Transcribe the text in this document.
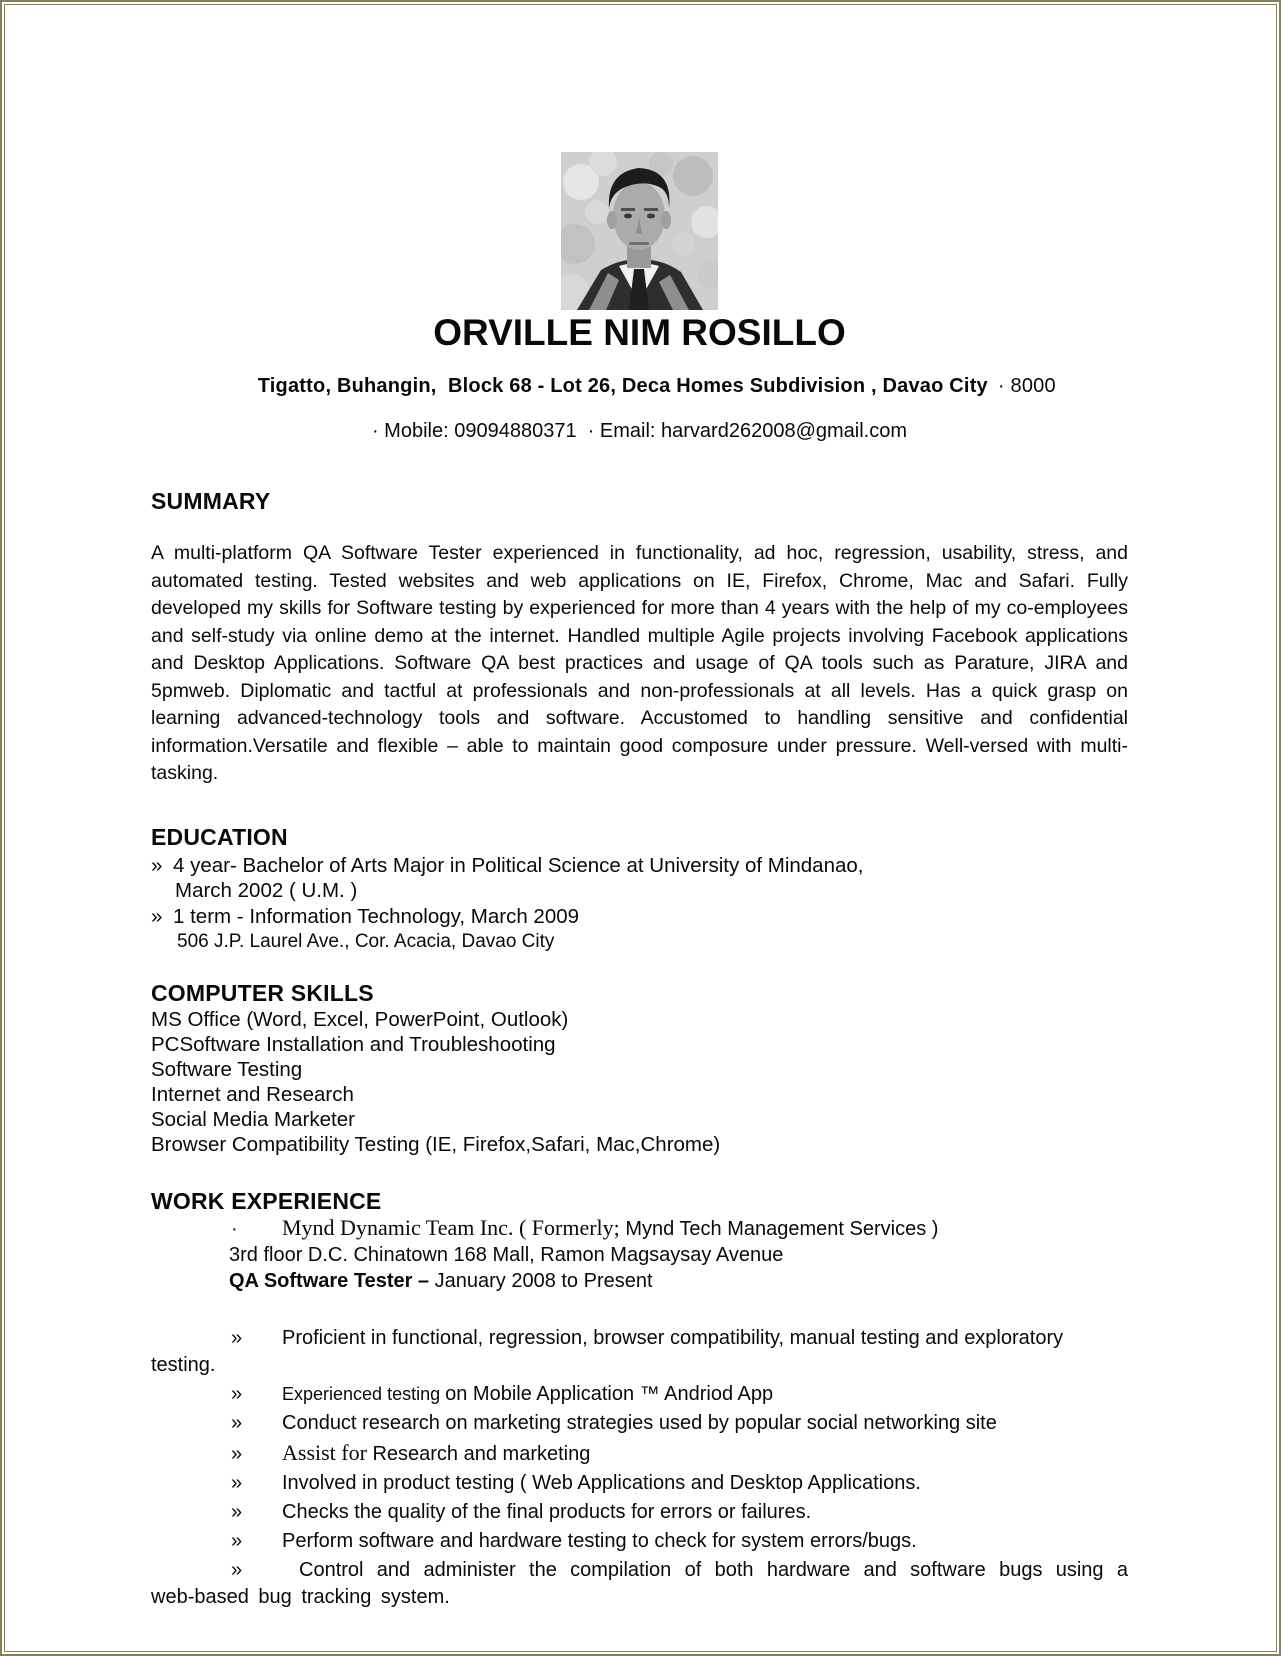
ORVILLE NIM ROSILLO

Tigatto, Buhangin,  Block 68 - Lot 26, Deca Homes Subdivision , Davao City · 8000

· Mobile: 09094880371  · Email: harvard262008@gmail.com

SUMMARY

A multi-platform QA Software Tester experienced in functionality, ad hoc, regression, usability, stress, and automated testing. Tested websites and web applications on IE, Firefox, Chrome, Mac and Safari. Fully developed my skills for Software testing by experienced for more than 4 years with the help of my co-employees and self-study via online demo at the internet. Handled multiple Agile projects involving Facebook applications and Desktop Applications. Software QA best practices and usage of QA tools such as Parature, JIRA and 5pmweb. Diplomatic and tactful at professionals and non-professionals at all levels. Has a quick grasp on learning advanced-technology tools and software. Accustomed to handling sensitive and confidential information.Versatile and flexible – able to maintain good composure under pressure. Well-versed with multi-tasking.

EDUCATION

» 4 year- Bachelor of Arts Major in Political Science at University of Mindanao,

March 2002 ( U.M. )

» 1 term - Information Technology, March 2009

506 J.P. Laurel Ave., Cor. Acacia, Davao City

COMPUTER SKILLS

MS Office (Word, Excel, PowerPoint, Outlook)

PCSoftware Installation and Troubleshooting

Software Testing

Internet and Research

Social Media Marketer

Browser Compatibility Testing (IE, Firefox,Safari, Mac,Chrome)

WORK EXPERIENCE

· Mynd Dynamic Team Inc. ( Formerly; Mynd Tech Management Services )

3rd floor D.C. Chinatown 168 Mall, Ramon Magsaysay Avenue

QA Software Tester – January 2008 to Present

» Proficient in functional, regression, browser compatibility, manual testing and exploratory testing.

» Experienced testing on Mobile Application ™ Andriod App

» Conduct research on marketing strategies used by popular social networking site

» Assist for Research and marketing

» Involved in product testing ( Web Applications and Desktop Applications.

» Checks the quality of the final products for errors or failures.

» Perform software and hardware testing to check for system errors/bugs.

»	Control and administer the compilation of both hardware and software bugs using a web-based bug tracking system.
